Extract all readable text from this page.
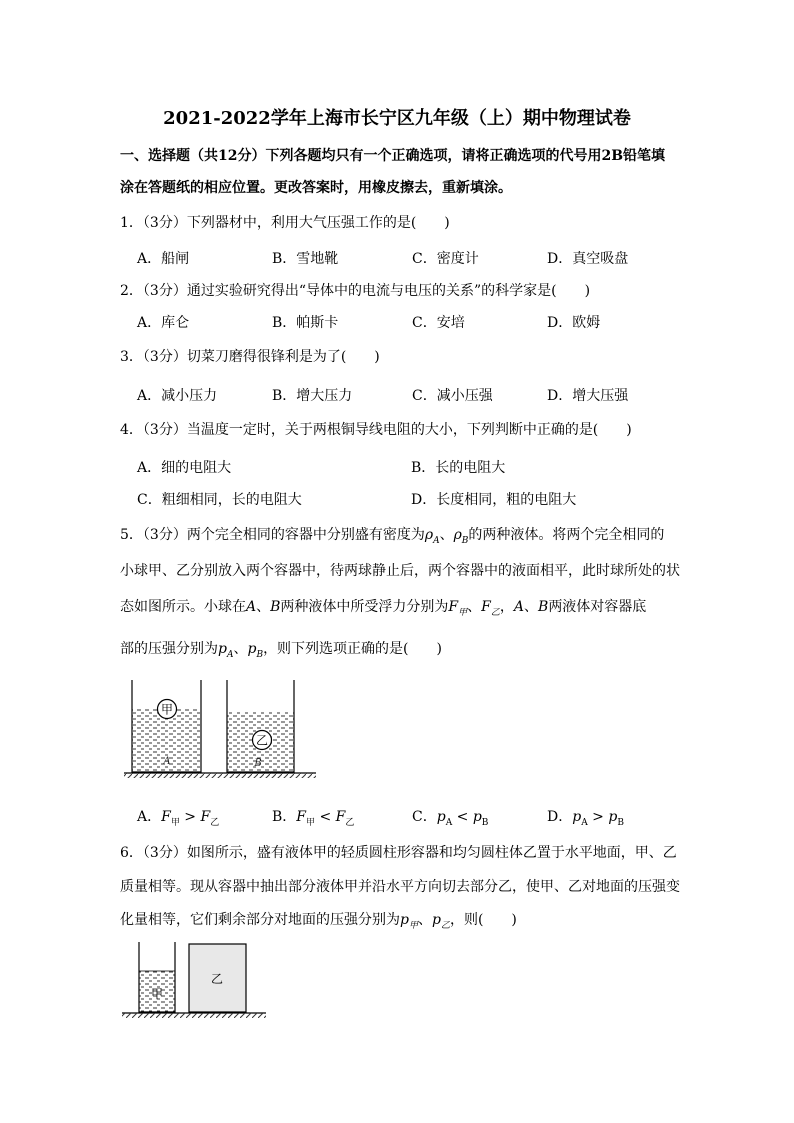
2021-2022学年上海市长宁区九年级（上）期中物理试卷
一、选择题（共12分）下列各题均只有一个正确选项，请将正确选项的代号用2B铅笔填
涂在答题纸的相应位置。更改答案时，用橡皮擦去，重新填涂。
1．（3分）下列器材中，利用大气压强工作的是(　　)
A．船闸	B．雪地靴	C．密度计	D．真空吸盘
2．（3分）通过实验研究得出“导体中的电流与电压的关系”的科学家是(　　)
A．库仑	B．帕斯卡	C．安培	D．欧姆
3．（3分）切菜刀磨得很锋利是为了(　　)
A．减小压力	B．增大压力	C．减小压强	D．增大压强
4．（3分）当温度一定时，关于两根铜导线电阻的大小，下列判断中正确的是(　　)
A．细的电阻大	B．长的电阻大
C．粗细相同，长的电阻大	D．长度相同，粗的电阻大
5．（3分）两个完全相同的容器中分别盛有密度为$\rho_A$、$\rho_B$的两种液体。将两个完全相同的
小球甲、乙分别放入两个容器中，待两球静止后，两个容器中的液面相平，此时球所处的状
态如图所示。小球在A、B两种液体中所受浮力分别为$F_甲$、$F_乙$，A、B两液体对容器底
部的压强分别为$p_A$、$p_B$，则下列选项正确的是(　　)
甲
乙
A	B
A．$F_甲 > F_乙$	B．$F_甲 < F_乙$	C．$p_A < p_B$	D．$p_A > p_B$
6．（3分）如图所示，盛有液体甲的轻质圆柱形容器和均匀圆柱体乙置于水平地面，甲、乙
质量相等。现从容器中抽出部分液体甲并沿水平方向切去部分乙，使甲、乙对地面的压强变
化量相等，它们剩余部分对地面的压强分别为$p_甲$、$p_乙$，则(　　)
甲
乙
